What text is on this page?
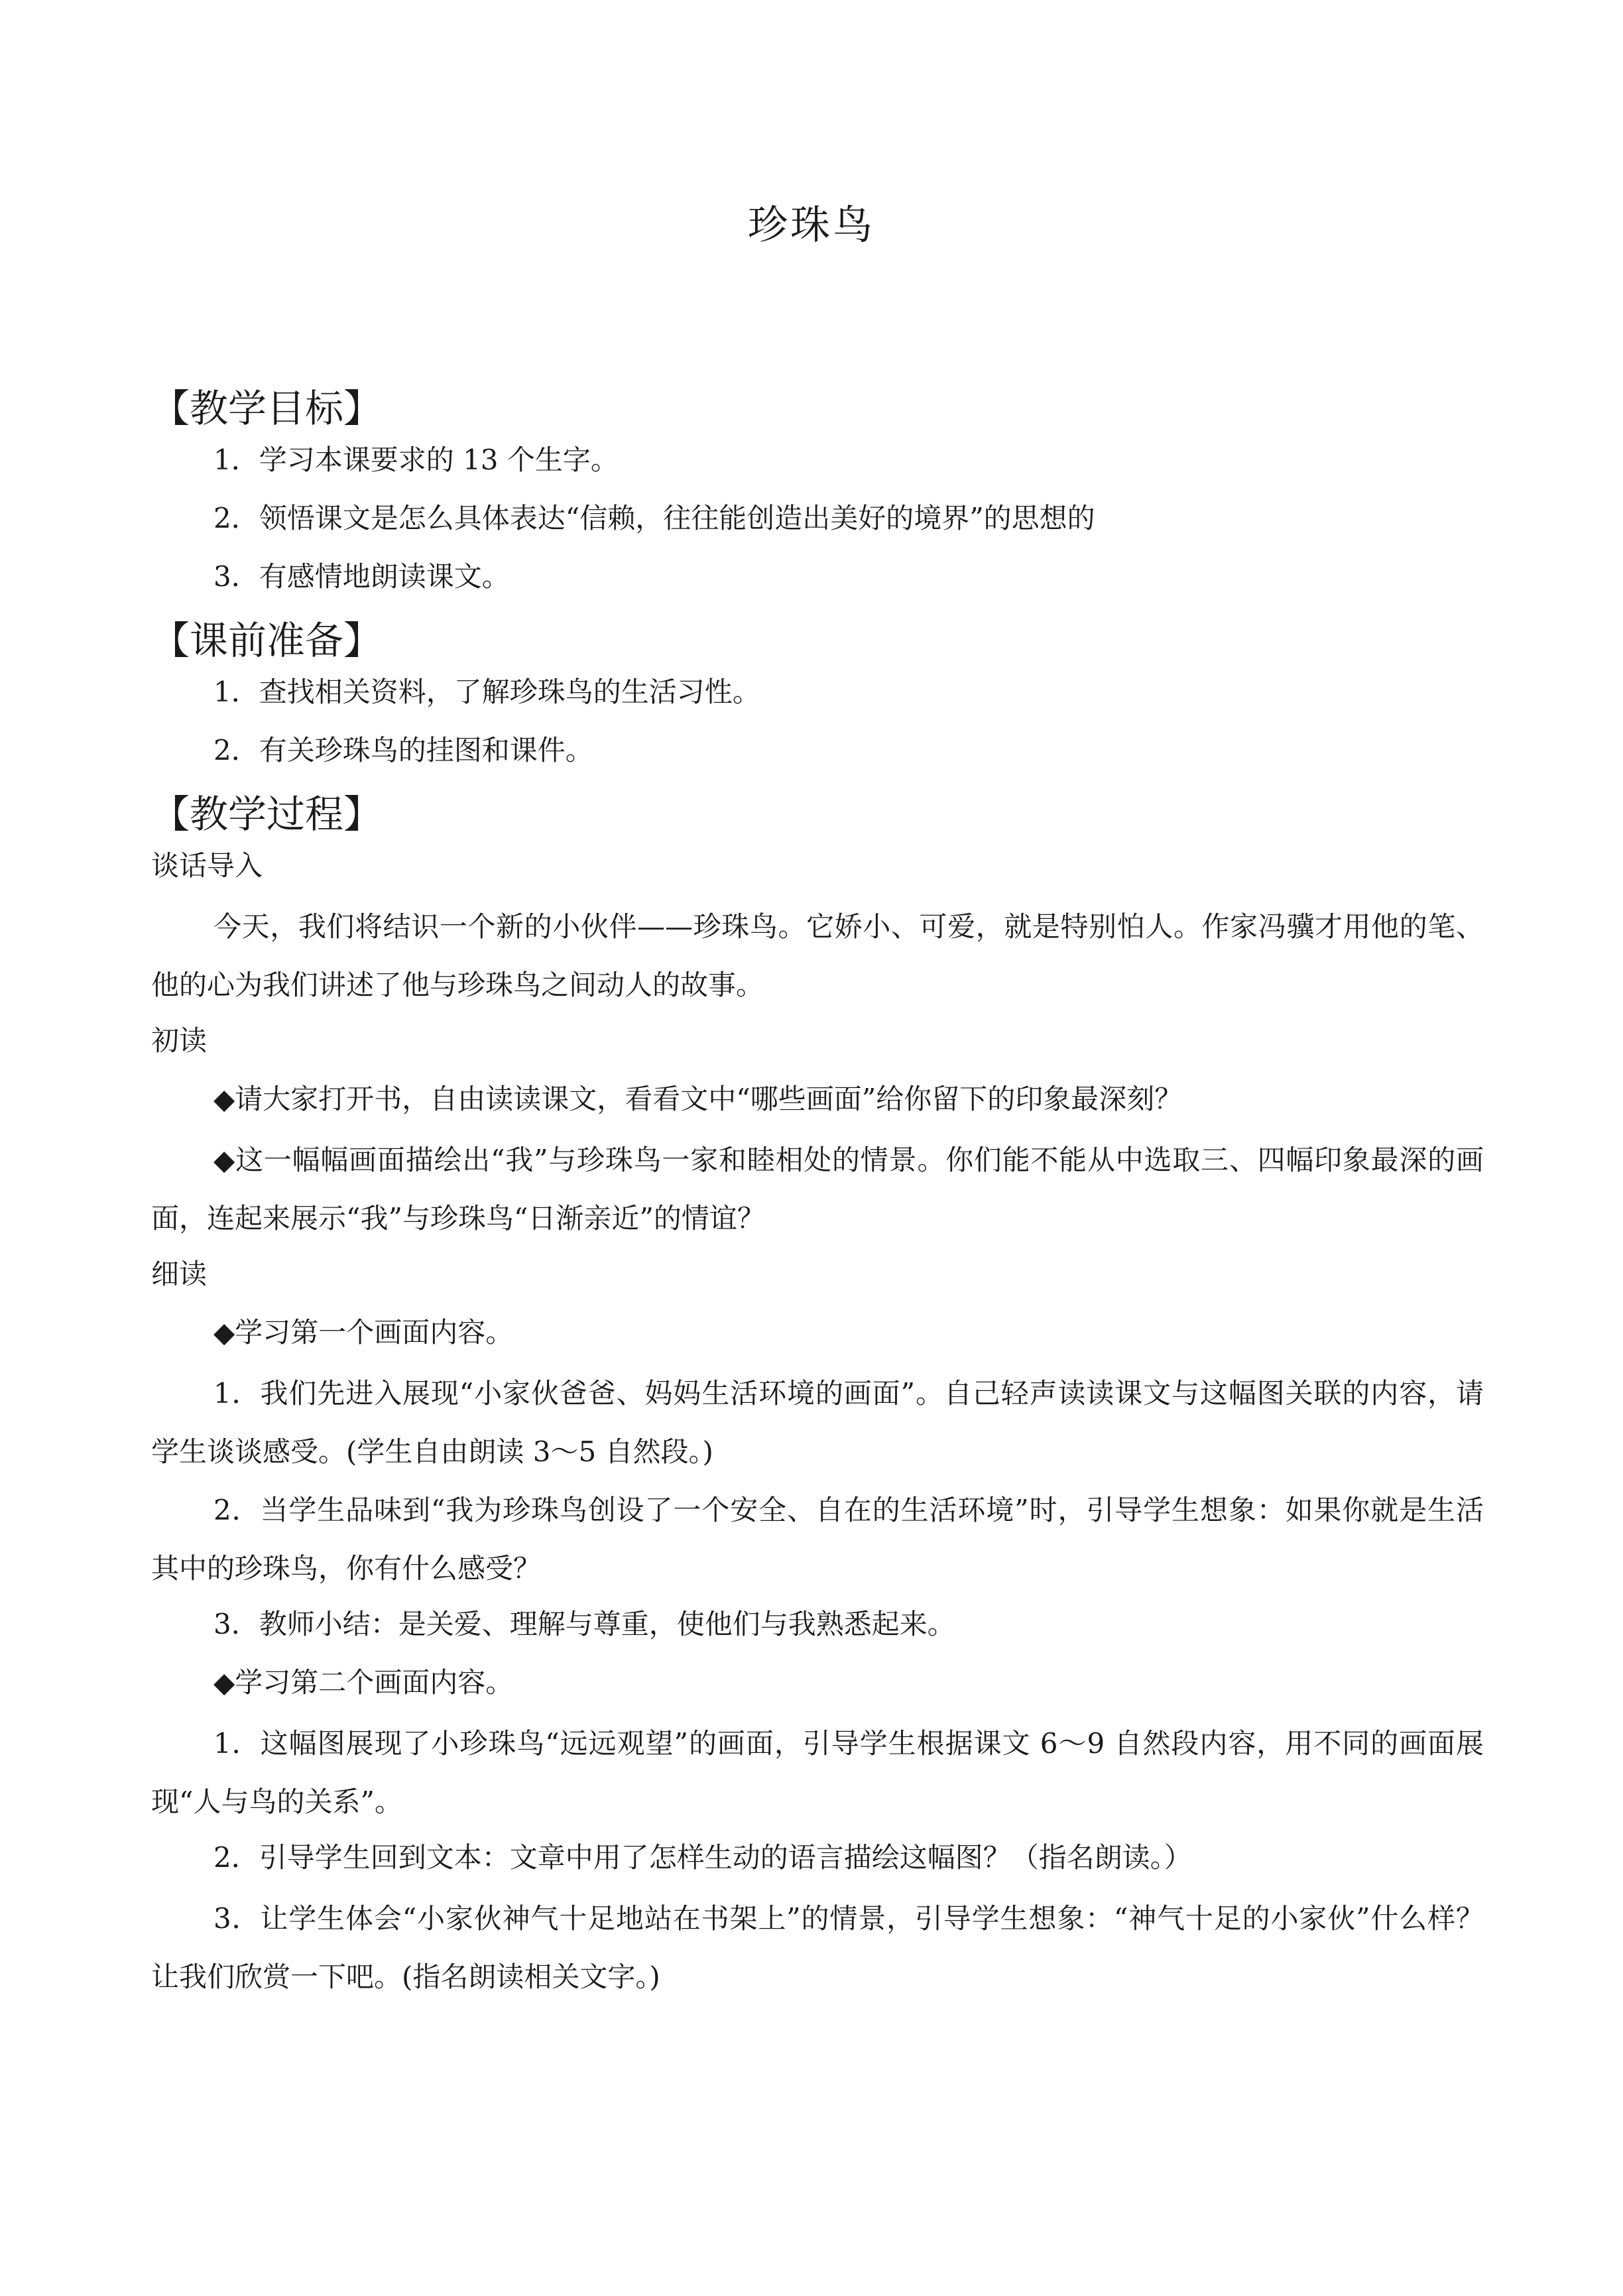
珍珠鸟
【教学目标】
1．学习本课要求的 13 个生字。
2．领悟课文是怎么具体表达“信赖，往往能创造出美好的境界”的思想的
3．有感情地朗读课文。
【课前准备】
1．查找相关资料，了解珍珠鸟的生活习性。
2．有关珍珠鸟的挂图和课件。
【教学过程】
谈话导入
今天，我们将结识一个新的小伙伴——珍珠鸟。它娇小、可爱，就是特别怕人。作家冯骥才用他的笔、他的心为我们讲述了他与珍珠鸟之间动人的故事。
初读
◆请大家打开书，自由读读课文，看看文中“哪些画面”给你留下的印象最深刻？
◆这一幅幅画面描绘出“我”与珍珠鸟一家和睦相处的情景。你们能不能从中选取三、四幅印象最深的画面，连起来展示“我”与珍珠鸟“日渐亲近”的情谊？
细读
◆学习第一个画面内容。
1．我们先进入展现“小家伙爸爸、妈妈生活环境的画面”。自己轻声读读课文与这幅图关联的内容，请学生谈谈感受。(学生自由朗读 3～5 自然段。)
2．当学生品味到“我为珍珠鸟创设了一个安全、自在的生活环境”时，引导学生想象：如果你就是生活其中的珍珠鸟，你有什么感受？
3．教师小结：是关爱、理解与尊重，使他们与我熟悉起来。
◆学习第二个画面内容。
1．这幅图展现了小珍珠鸟“远远观望”的画面，引导学生根据课文 6～9 自然段内容，用不同的画面展现“人与鸟的关系”。
2．引导学生回到文本：文章中用了怎样生动的语言描绘这幅图？（指名朗读。）
3．让学生体会“小家伙神气十足地站在书架上”的情景，引导学生想象：“神气十足的小家伙”什么样？让我们欣赏一下吧。(指名朗读相关文字。)
